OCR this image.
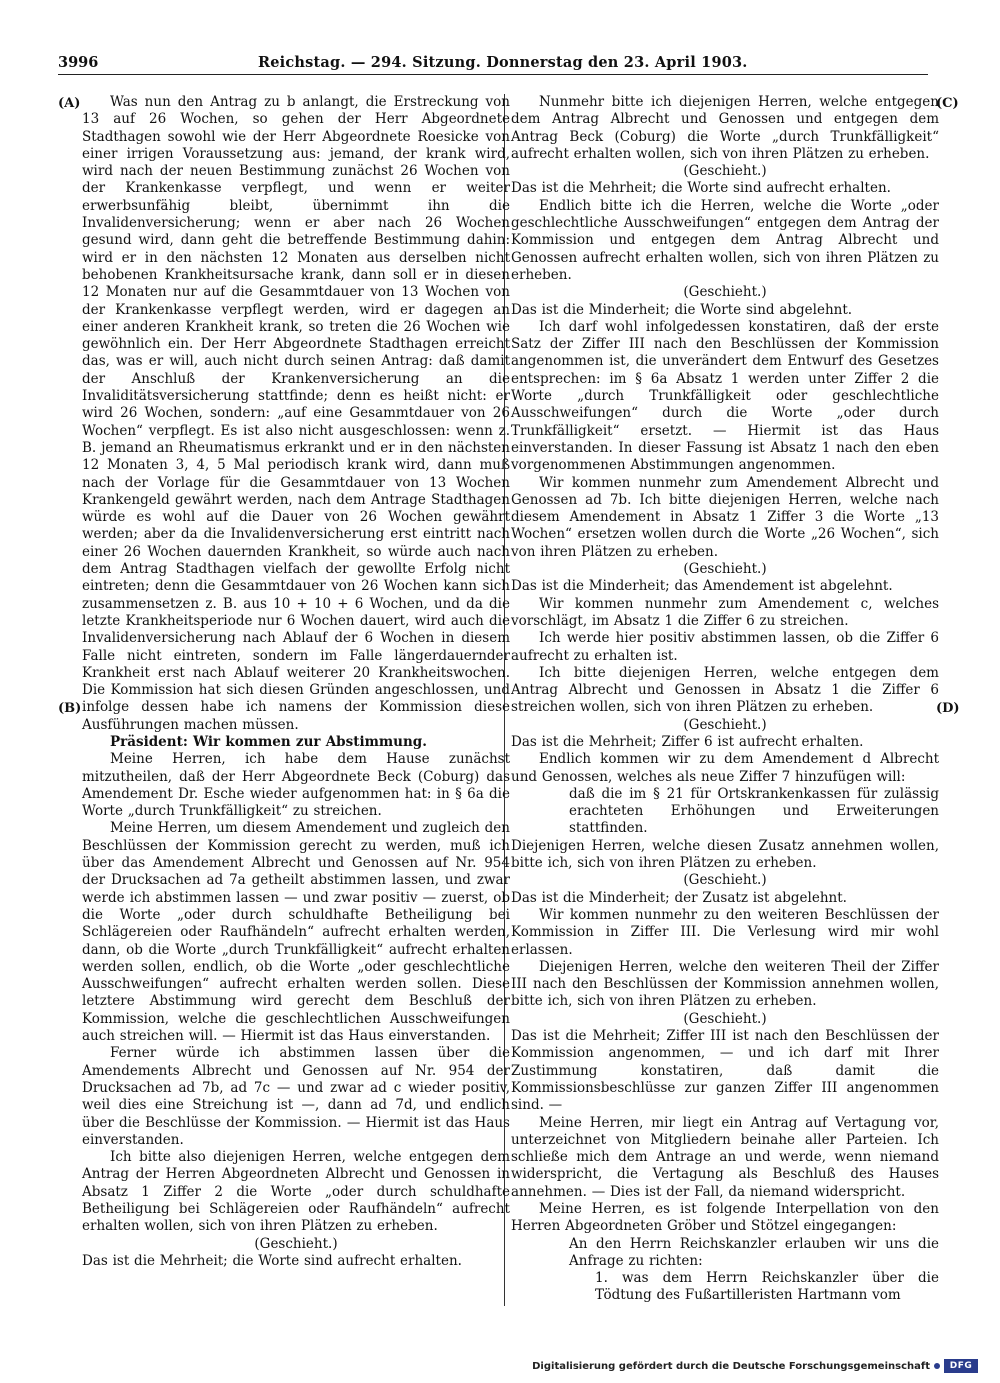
3996	Reichstag. — 294. Sitzung. Donnerstag den 23. April 1903.
(A)
(B)
(C)
(D)

Was nun den Antrag zu b anlangt, die Erstreckung von 13 auf 26 Wochen, so gehen der Herr Abgeordnete Stadthagen sowohl wie der Herr Abgeordnete Roesicke von einer irrigen Voraussetzung aus: jemand, der krank wird, wird nach der neuen Bestimmung zunächst 26 Wochen von der Krankenkasse verpflegt, und wenn er weiter erwerbsunfähig bleibt, übernimmt ihn die Invalidenversicherung; wenn er aber nach 26 Wochen gesund wird, dann geht die betreffende Bestimmung dahin: wird er in den nächsten 12 Monaten aus derselben nicht behobenen Krankheitsursache krank, dann soll er in diesen 12 Monaten nur auf die Gesammtdauer von 13 Wochen von der Krankenkasse verpflegt werden, wird er dagegen an einer anderen Krankheit krank, so treten die 26 Wochen wie gewöhnlich ein. Der Herr Abgeordnete Stadthagen erreicht das, was er will, auch nicht durch seinen Antrag: daß damit der Anschluß der Krankenversicherung an die Invaliditätsversicherung stattfinde; denn es heißt nicht: er wird 26 Wochen, sondern: „auf eine Gesammtdauer von 26 Wochen“ verpflegt. Es ist also nicht ausgeschlossen: wenn z. B. jemand an Rheumatismus erkrankt und er in den nächsten 12 Monaten 3, 4, 5 Mal periodisch krank wird, dann muß nach der Vorlage für die Gesammtdauer von 13 Wochen Krankengeld gewährt werden, nach dem Antrage Stadthagen würde es wohl auf die Dauer von 26 Wochen gewährt werden; aber da die Invalidenversicherung erst eintritt nach einer 26 Wochen dauernden Krankheit, so würde auch nach dem Antrag Stadthagen vielfach der gewollte Erfolg nicht eintreten; denn die Gesammtdauer von 26 Wochen kann sich zusammensetzen z. B. aus 10 + 10 + 6 Wochen, und da die letzte Krankheitsperiode nur 6 Wochen dauert, wird auch die Invalidenversicherung nach Ablauf der 6 Wochen in diesem Falle nicht eintreten, sondern im Falle längerdauernder Krankheit erst nach Ablauf weiterer 20 Krankheitswochen. Die Kommission hat sich diesen Gründen angeschlossen, und infolge dessen habe ich namens der Kommission diese Ausführungen machen müssen.

Präsident: Wir kommen zur Abstimmung.

Meine Herren, ich habe dem Hause zunächst mitzutheilen, daß der Herr Abgeordnete Beck (Coburg) das Amendement Dr. Esche wieder aufgenommen hat: in § 6a die Worte „durch Trunkfälligkeit“ zu streichen.

Meine Herren, um diesem Amendement und zugleich den Beschlüssen der Kommission gerecht zu werden, muß ich über das Amendement Albrecht und Genossen auf Nr. 954 der Drucksachen ad 7a getheilt abstimmen lassen, und zwar werde ich abstimmen lassen — und zwar positiv — zuerst, ob die Worte „oder durch schuldhafte Betheiligung bei Schlägereien oder Raufhändeln“ aufrecht erhalten werden, dann, ob die Worte „durch Trunkfälligkeit“ aufrecht erhalten werden sollen, endlich, ob die Worte „oder geschlechtliche Ausschweifungen“ aufrecht erhalten werden sollen. Diese letztere Abstimmung wird gerecht dem Beschluß der Kommission, welche die geschlechtlichen Ausschweifungen auch streichen will. — Hiermit ist das Haus einverstanden.

Ferner würde ich abstimmen lassen über die Amendements Albrecht und Genossen auf Nr. 954 der Drucksachen ad 7b, ad 7c — und zwar ad c wieder positiv, weil dies eine Streichung ist —, dann ad 7d, und endlich über die Beschlüsse der Kommission. — Hiermit ist das Haus einverstanden.

Ich bitte also diejenigen Herren, welche entgegen dem Antrag der Herren Abgeordneten Albrecht und Genossen in Absatz 1 Ziffer 2 die Worte „oder durch schuldhafte Betheiligung bei Schlägereien oder Raufhändeln“ aufrecht erhalten wollen, sich von ihren Plätzen zu erheben.

(Geschieht.)

Das ist die Mehrheit; die Worte sind aufrecht erhalten.

Nunmehr bitte ich diejenigen Herren, welche entgegen dem Antrag Albrecht und Genossen und entgegen dem Antrag Beck (Coburg) die Worte „durch Trunkfälligkeit“ aufrecht erhalten wollen, sich von ihren Plätzen zu erheben.

(Geschieht.)

Das ist die Mehrheit; die Worte sind aufrecht erhalten.

Endlich bitte ich die Herren, welche die Worte „oder geschlechtliche Ausschweifungen“ entgegen dem Antrag der Kommission und entgegen dem Antrag Albrecht und Genossen aufrecht erhalten wollen, sich von ihren Plätzen zu erheben.

(Geschieht.)

Das ist die Minderheit; die Worte sind abgelehnt.

Ich darf wohl infolgedessen konstatiren, daß der erste Satz der Ziffer III nach den Beschlüssen der Kommission angenommen ist, die unverändert dem Entwurf des Gesetzes entsprechen: im § 6a Absatz 1 werden unter Ziffer 2 die Worte „durch Trunkfälligkeit oder geschlechtliche Ausschweifungen“ durch die Worte „oder durch Trunkfälligkeit“ ersetzt. — Hiermit ist das Haus einverstanden. In dieser Fassung ist Absatz 1 nach den eben vorgenommenen Abstimmungen angenommen.

Wir kommen nunmehr zum Amendement Albrecht und Genossen ad 7b. Ich bitte diejenigen Herren, welche nach diesem Amendement in Absatz 1 Ziffer 3 die Worte „13 Wochen“ ersetzen wollen durch die Worte „26 Wochen“, sich von ihren Plätzen zu erheben.

(Geschieht.)

Das ist die Minderheit; das Amendement ist abgelehnt.

Wir kommen nunmehr zum Amendement c, welches vorschlägt, im Absatz 1 die Ziffer 6 zu streichen.

Ich werde hier positiv abstimmen lassen, ob die Ziffer 6 aufrecht zu erhalten ist.

Ich bitte diejenigen Herren, welche entgegen dem Antrag Albrecht und Genossen in Absatz 1 die Ziffer 6 streichen wollen, sich von ihren Plätzen zu erheben.

(Geschieht.)

Das ist die Mehrheit; Ziffer 6 ist aufrecht erhalten.

Endlich kommen wir zu dem Amendement d Albrecht und Genossen, welches als neue Ziffer 7 hinzufügen will:

daß die im § 21 für Ortskrankenkassen für zulässig erachteten Erhöhungen und Erweiterungen stattfinden.

Diejenigen Herren, welche diesen Zusatz annehmen wollen, bitte ich, sich von ihren Plätzen zu erheben.

(Geschieht.)

Das ist die Minderheit; der Zusatz ist abgelehnt.

Wir kommen nunmehr zu den weiteren Beschlüssen der Kommission in Ziffer III. Die Verlesung wird mir wohl erlassen.

Diejenigen Herren, welche den weiteren Theil der Ziffer III nach den Beschlüssen der Kommission annehmen wollen, bitte ich, sich von ihren Plätzen zu erheben.

(Geschieht.)

Das ist die Mehrheit; Ziffer III ist nach den Beschlüssen der Kommission angenommen, — und ich darf mit Ihrer Zustimmung konstatiren, daß damit die Kommissionsbeschlüsse zur ganzen Ziffer III angenommen sind. —

Meine Herren, mir liegt ein Antrag auf Vertagung vor, unterzeichnet von Mitgliedern beinahe aller Parteien. Ich schließe mich dem Antrage an und werde, wenn niemand widerspricht, die Vertagung als Beschluß des Hauses annehmen. — Dies ist der Fall, da niemand widerspricht.

Meine Herren, es ist folgende Interpellation von den Herren Abgeordneten Gröber und Stötzel eingegangen:

An den Herrn Reichskanzler erlauben wir uns die Anfrage zu richten:

1. was dem Herrn Reichskanzler über die Tödtung des Fußartilleristen Hartmann vom

Digitalisierung gefördert durch die Deutsche Forschungsgemeinschaft	DFG
